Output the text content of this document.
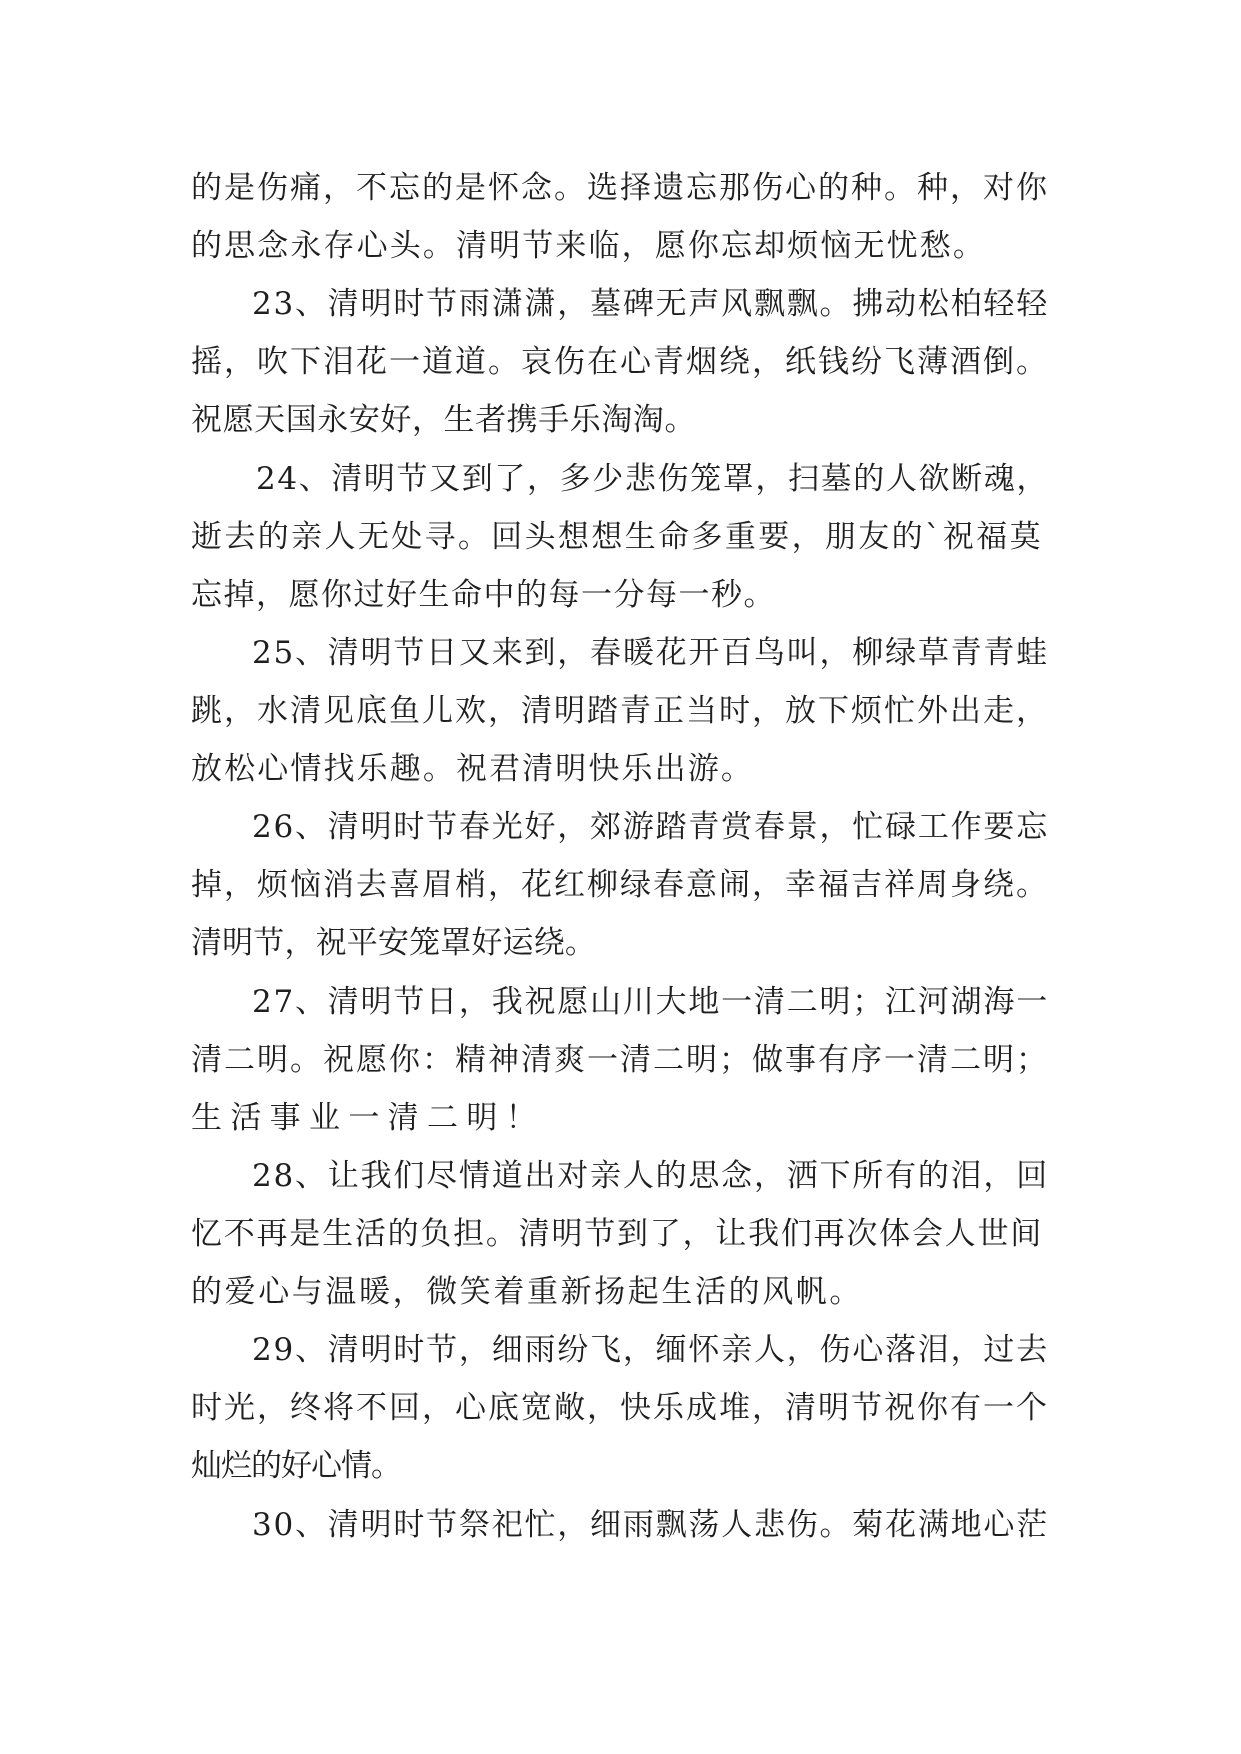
的是伤痛，不忘的是怀念。选择遗忘那伤心的种。种，对你

的思念永存心头。清明节来临，愿你忘却烦恼无忧愁。

23、清明时节雨潇潇，墓碑无声风飘飘。拂动松柏轻轻

摇，吹下泪花一道道。哀伤在心青烟绕，纸钱纷飞薄酒倒。

祝愿天国永安好，生者携手乐淘淘。

24、清明节又到了，多少悲伤笼罩，扫墓的人欲断魂，

逝去的亲人无处寻。回头想想生命多重要，朋友的`祝福莫

忘掉，愿你过好生命中的每一分每一秒。

25、清明节日又来到，春暖花开百鸟叫，柳绿草青青蛙

跳，水清见底鱼儿欢，清明踏青正当时，放下烦忙外出走，

放松心情找乐趣。祝君清明快乐出游。

26、清明时节春光好，郊游踏青赏春景，忙碌工作要忘

掉，烦恼消去喜眉梢，花红柳绿春意闹，幸福吉祥周身绕。

清明节，祝平安笼罩好运绕。

27、清明节日，我祝愿山川大地一清二明；江河湖海一

清二明。祝愿你：精神清爽一清二明；做事有序一清二明；

生活事业一清二明！

28、让我们尽情道出对亲人的思念，洒下所有的泪，回

忆不再是生活的负担。清明节到了，让我们再次体会人世间

的爱心与温暖，微笑着重新扬起生活的风帆。

29、清明时节，细雨纷飞，缅怀亲人，伤心落泪，过去

时光，终将不回，心底宽敞，快乐成堆，清明节祝你有一个

灿烂的好心情。

30、清明时节祭祀忙，细雨飘荡人悲伤。菊花满地心茫
